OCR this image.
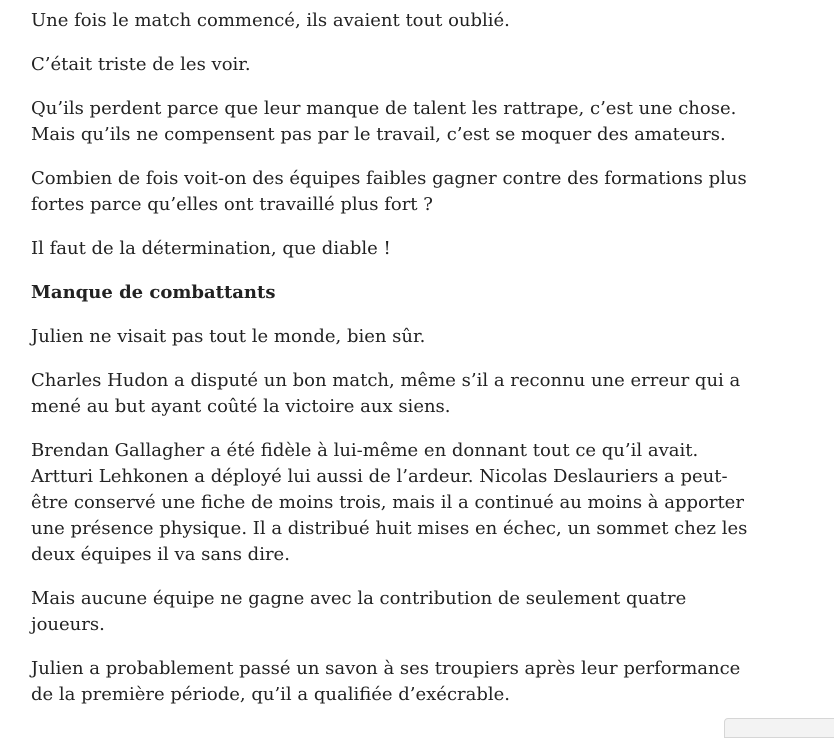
Une fois le match commencé, ils avaient tout oublié.

C’était triste de les voir.

Qu’ils perdent parce que leur manque de talent les rattrape, c’est une chose. Mais qu’ils ne compensent pas par le travail, c’est se moquer des amateurs.

Combien de fois voit-on des équipes faibles gagner contre des formations plus fortes parce qu’elles ont travaillé plus fort ?

Il faut de la détermination, que diable !

Manque de combattants

Julien ne visait pas tout le monde, bien sûr.

Charles Hudon a disputé un bon match, même s’il a reconnu une erreur qui a mené au but ayant coûté la victoire aux siens.

Brendan Gallagher a été fidèle à lui-même en donnant tout ce qu’il avait. Artturi Lehkonen a déployé lui aussi de l’ardeur. Nicolas Deslauriers a peut-être conservé une fiche de moins trois, mais il a continué au moins à apporter une présence physique. Il a distribué huit mises en échec, un sommet chez les deux équipes il va sans dire.

Mais aucune équipe ne gagne avec la contribution de seulement quatre joueurs.

Julien a probablement passé un savon à ses troupiers après leur performance de la première période, qu’il a qualifiée d’exécrable.
